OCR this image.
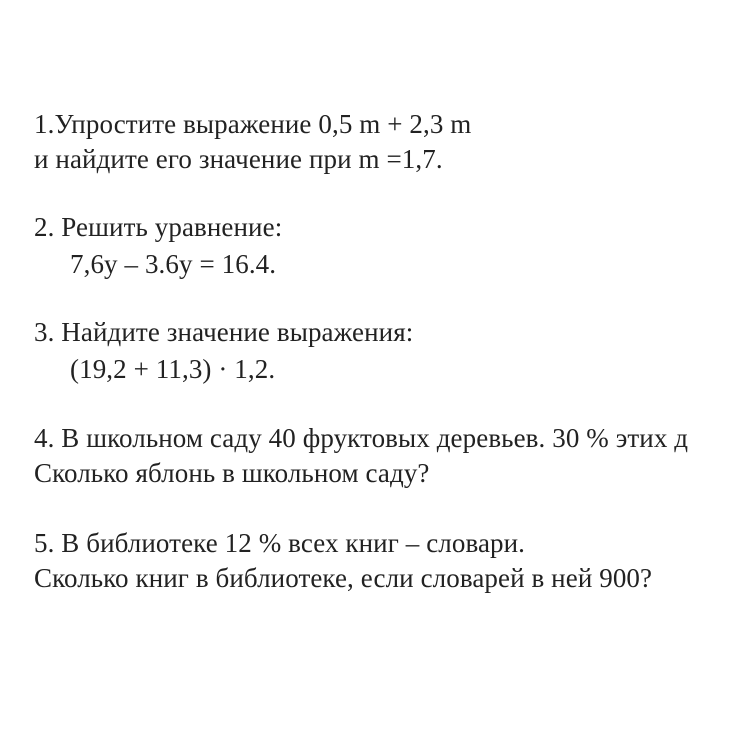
1.Упростите выражение 0,5 m + 2,3 m
и найдите его значение при m =1,7.
2. Решить уравнение:
7,6y – 3.6y = 16.4.
3. Найдите значение выражения:
(19,2 + 11,3) · 1,2.
4. В школьном саду 40 фруктовых деревьев. 30 % этих д
Сколько яблонь в школьном саду?
5. В библиотеке 12 % всех книг – словари.
Сколько книг в библиотеке, если словарей в ней 900?
